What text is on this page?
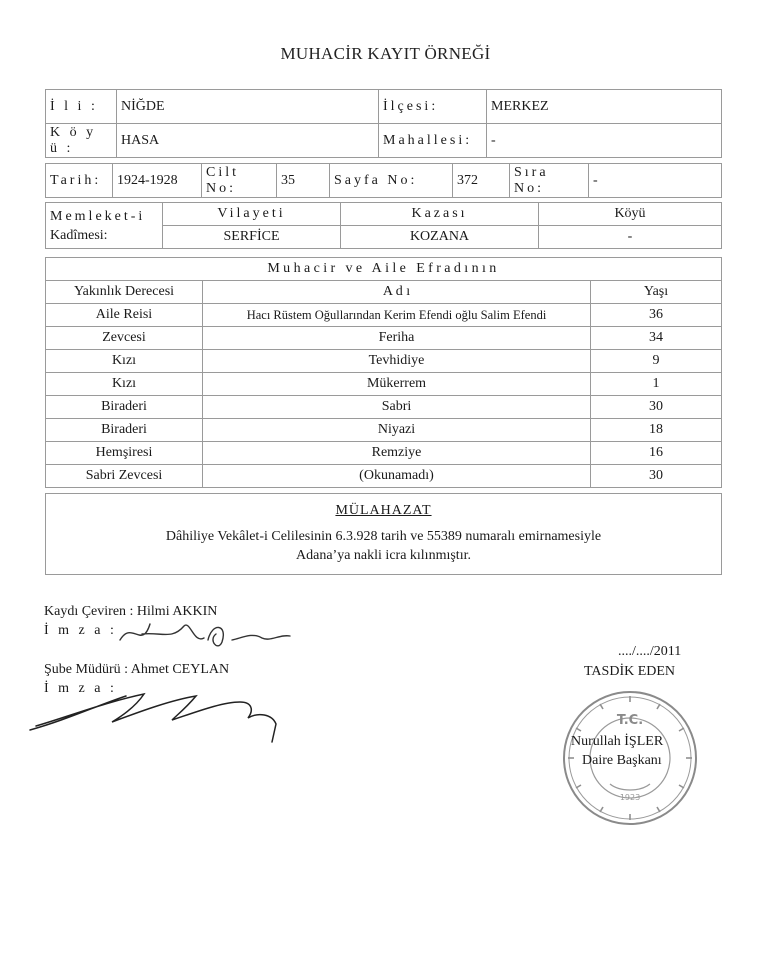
MUHACİR KAYIT ÖRNEĞİ
İ l i :	NİĞDE	İlçesi:	MERKEZ
K ö y ü :	HASA	Mahallesi:	-
Tarih:	1924-1928	Cilt No:	35	Sayfa No:	372	Sıra No:	-
Memleket-i
Kadîmesi:	Vilayeti	Kazası	Köyü
	SERFİCE	KOZANA	-
Muhacir ve Aile Efradının		
Yakınlık Derecesi	A d ı	Yaşı
Aile Reisi	Hacı Rüstem Oğullarından Kerim Efendi oğlu Salim Efendi	36
Zevcesi	Feriha	34
Kızı	Tevhidiye	9
Kızı	Mükerrem	1
Biraderi	Sabri	30
Biraderi	Niyazi	18
Hemşiresi	Remziye	16
Sabri Zevcesi	(Okunamadı)	30
MÜLAHAZAT
Dâhiliye Vekâlet-i Celilesinin 6.3.928 tarih ve 55389 numaralı emirnamesiyle
Adana’ya nakli icra kılınmıştır.
Kaydı Çeviren : Hilmi AKKIN
İ m z a :
Şube Müdürü : Ahmet CEYLAN
İ m z a :
..../..../2011
TASDİK EDEN
T.C.
1923
Nurullah İŞLER
Daire Başkanı
